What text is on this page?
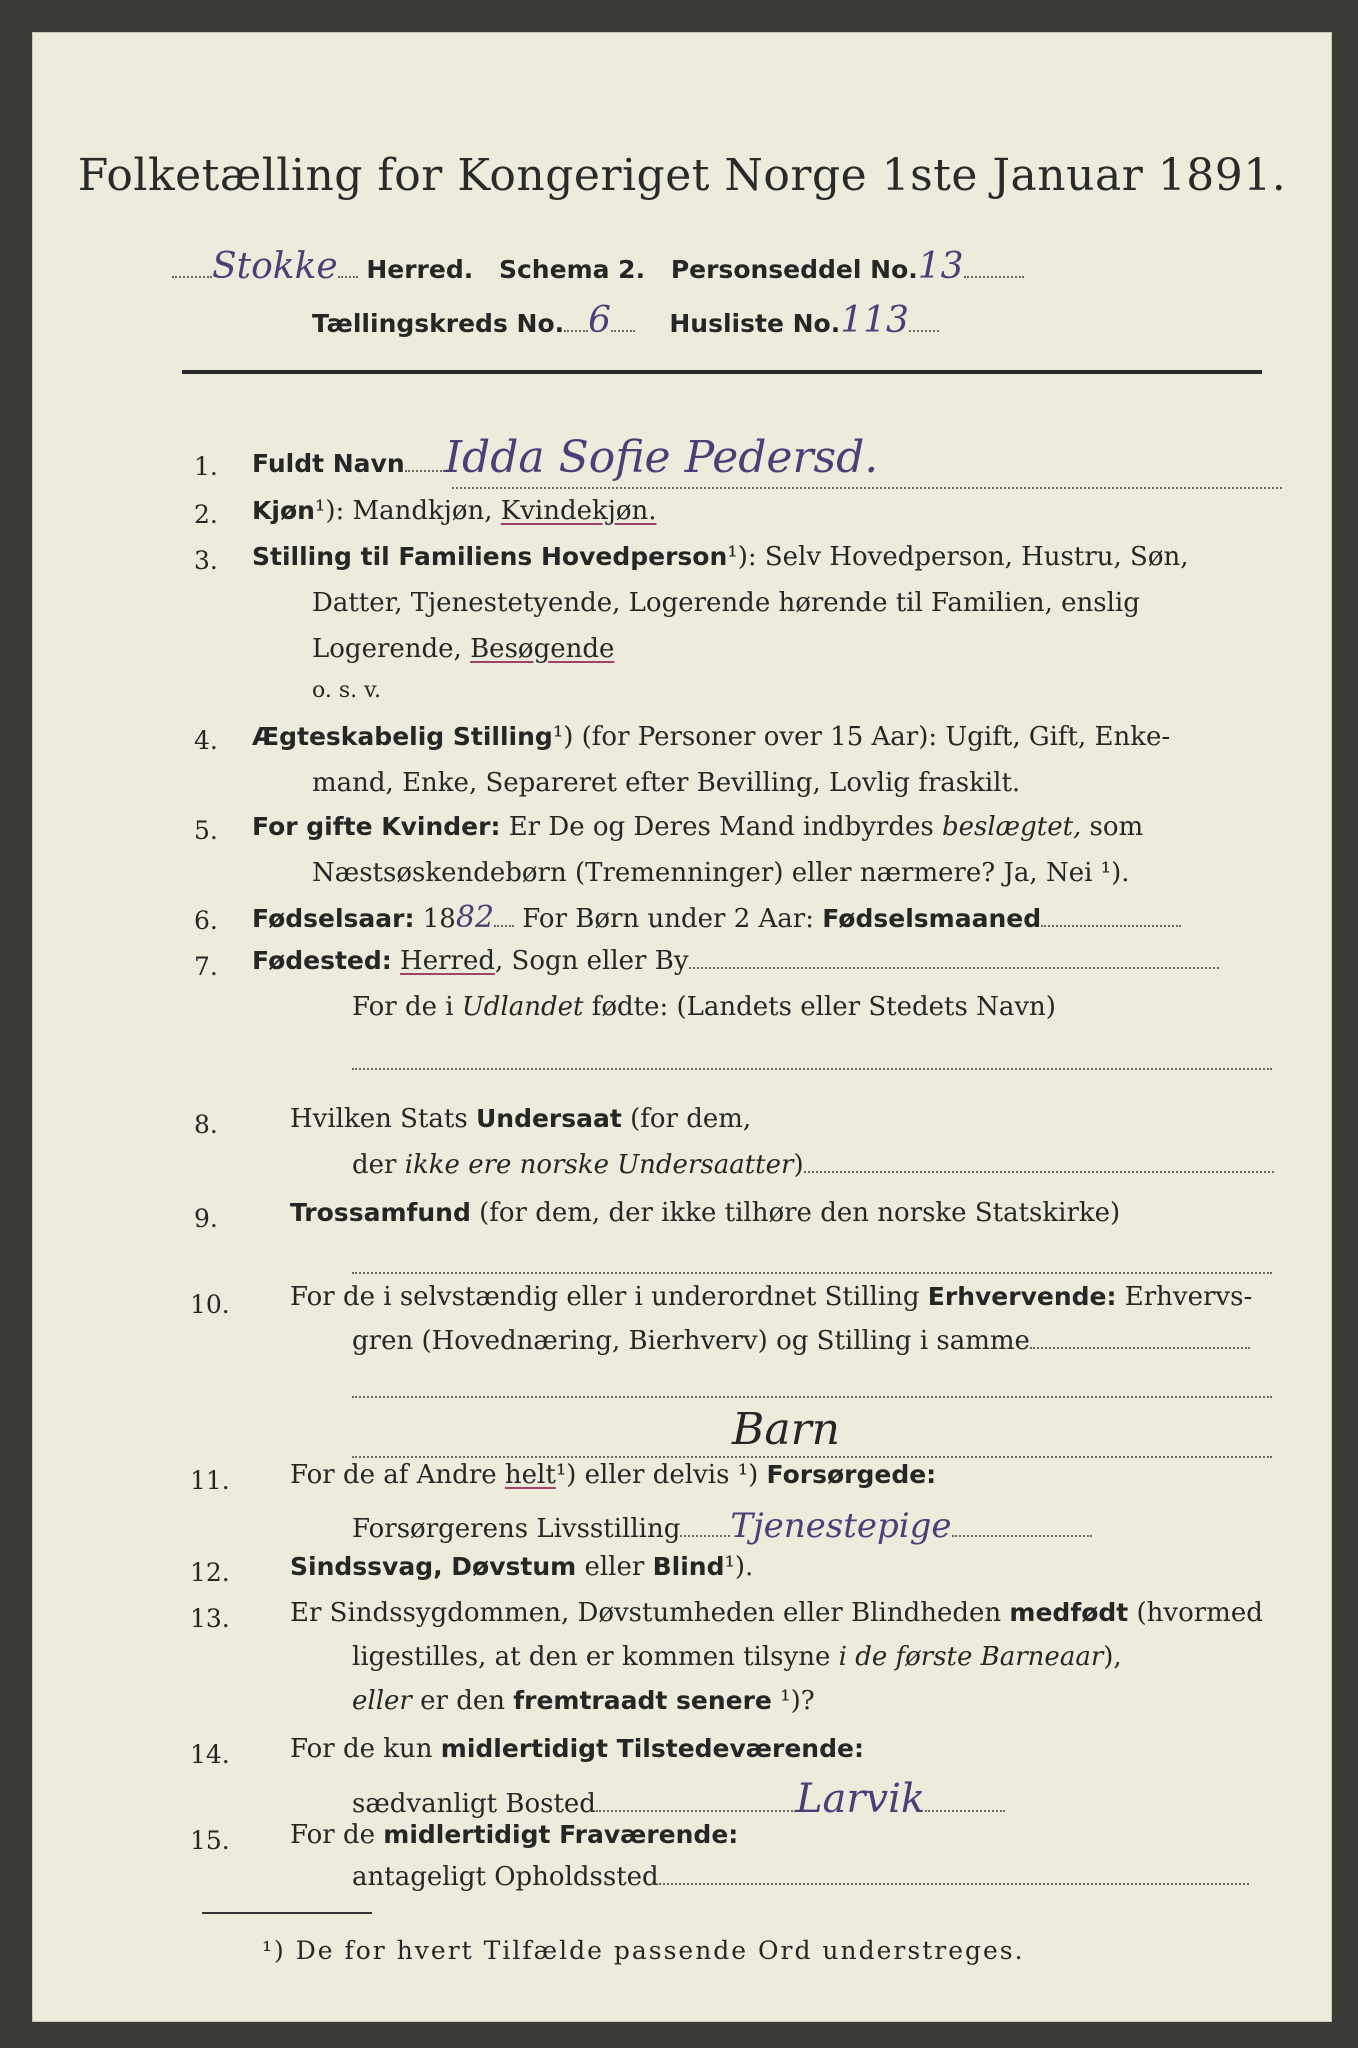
Folketælling for Kongeriget Norge 1ste Januar 1891.
Stokke Herred. Schema 2. Personseddel No.13
Tællingskreds No. 6 Husliste No.113
1. Fuldt Navn Idda Sofie Pedersd.
2. Kjøn¹): Mandkjøn, Kvindekjøn.
3. Stilling til Familiens Hovedperson¹): Selv Hovedperson, Hustru, Søn,
Datter, Tjenestetyende, Logerende hørende til Familien, enslig
Logerende, Besøgende
o. s. v.
4. Ægteskabelig Stilling¹) (for Personer over 15 Aar): Ugift, Gift, Enke-
mand, Enke, Separeret efter Bevilling, Lovlig fraskilt.
5. For gifte Kvinder: Er De og Deres Mand indbyrdes beslægtet, som
Næstsøskendebørn (Tremenninger) eller nærmere? Ja, Nei ¹).
6. Fødselsaar: 1882 For Børn under 2 Aar: Fødselsmaaned
7. Fødested: Herred, Sogn eller By
For de i Udlandet fødte: (Landets eller Stedets Navn)
8.	Hvilken Stats Undersaat (for dem,
der ikke ere norske Undersaatter)
9.	Trossamfund (for dem, der ikke tilhøre den norske Statskirke)
10. For de i selvstændig eller i underordnet Stilling Erhvervende: Erhvervs-
gren (Hovednæring, Bierhverv) og Stilling i samme
Barn
11. For de af Andre helt¹) eller delvis ¹) Forsørgede:
Forsørgerens Livsstilling Tjenestepige
12. Sindssvag, Døvstum eller Blind¹).
13. Er Sindssygdommen, Døvstumheden eller Blindheden medfødt (hvormed
ligestilles, at den er kommen tilsyne i de første Barneaar),
eller er den fremtraadt senere ¹)?
14. For de kun midlertidigt Tilstedeværende:
sædvanligt Bosted	Larvik
15. For de midlertidigt Fraværende:
antageligt Opholdssted
¹) De for hvert Tilfælde passende Ord understreges.
